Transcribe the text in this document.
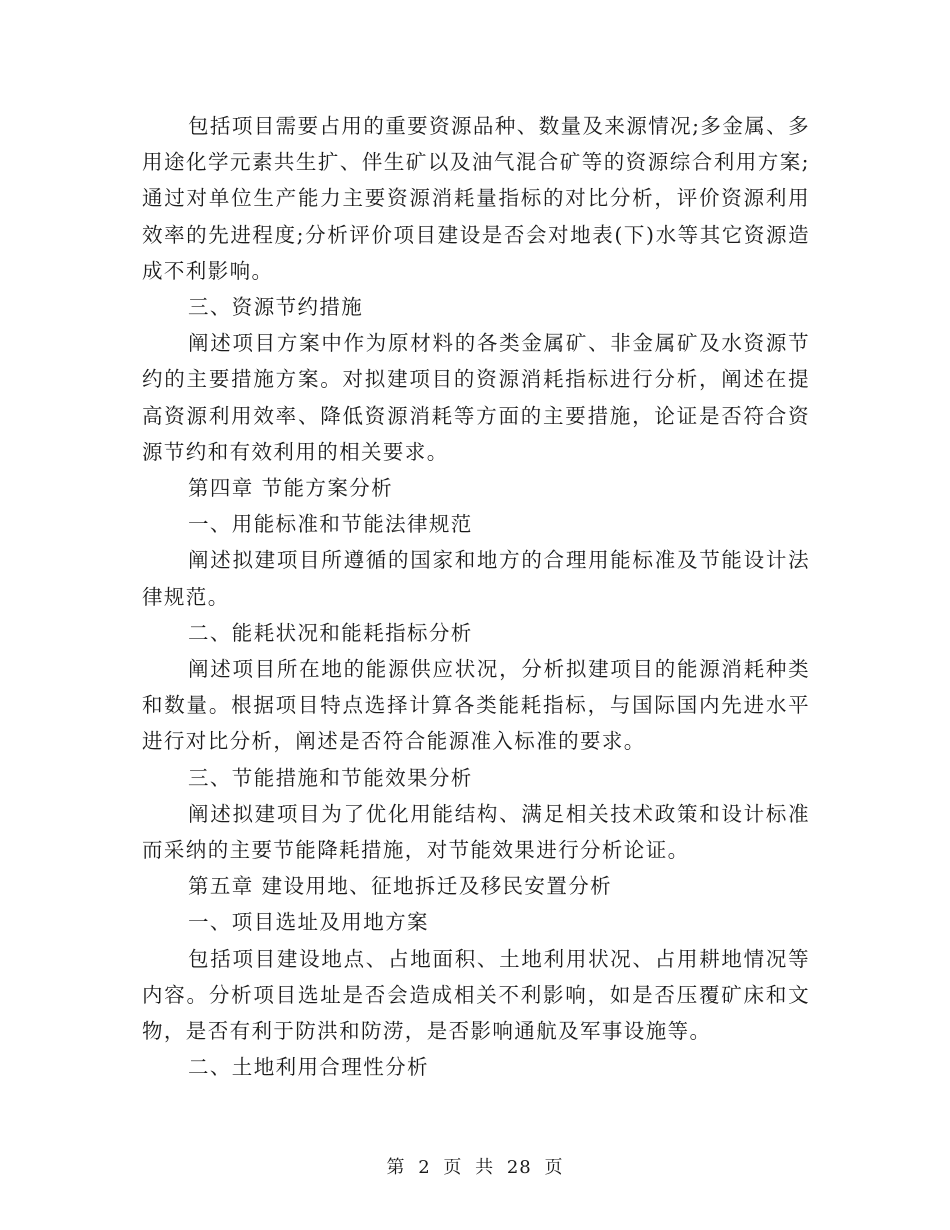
包括项目需要占用的重要资源品种、数量及来源情况;多金属、多用途化学元素共生扩、伴生矿以及油气混合矿等的资源综合利用方案;通过对单位生产能力主要资源消耗量指标的对比分析，评价资源利用效率的先进程度;分析评价项目建设是否会对地表(下)水等其它资源造成不利影响。

三、资源节约措施

阐述项目方案中作为原材料的各类金属矿、非金属矿及水资源节约的主要措施方案。对拟建项目的资源消耗指标进行分析，阐述在提高资源利用效率、降低资源消耗等方面的主要措施，论证是否符合资源节约和有效利用的相关要求。

第四章 节能方案分析

一、用能标准和节能法律规范

阐述拟建项目所遵循的国家和地方的合理用能标准及节能设计法律规范。

二、能耗状况和能耗指标分析

阐述项目所在地的能源供应状况，分析拟建项目的能源消耗种类和数量。根据项目特点选择计算各类能耗指标，与国际国内先进水平进行对比分析，阐述是否符合能源准入标准的要求。

三、节能措施和节能效果分析

阐述拟建项目为了优化用能结构、满足相关技术政策和设计标准而采纳的主要节能降耗措施，对节能效果进行分析论证。

第五章 建设用地、征地拆迁及移民安置分析

一、项目选址及用地方案

包括项目建设地点、占地面积、土地利用状况、占用耕地情况等内容。分析项目选址是否会造成相关不利影响，如是否压覆矿床和文物，是否有利于防洪和防涝，是否影响通航及军事设施等。

二、土地利用合理性分析

第 2 页 共 28 页
